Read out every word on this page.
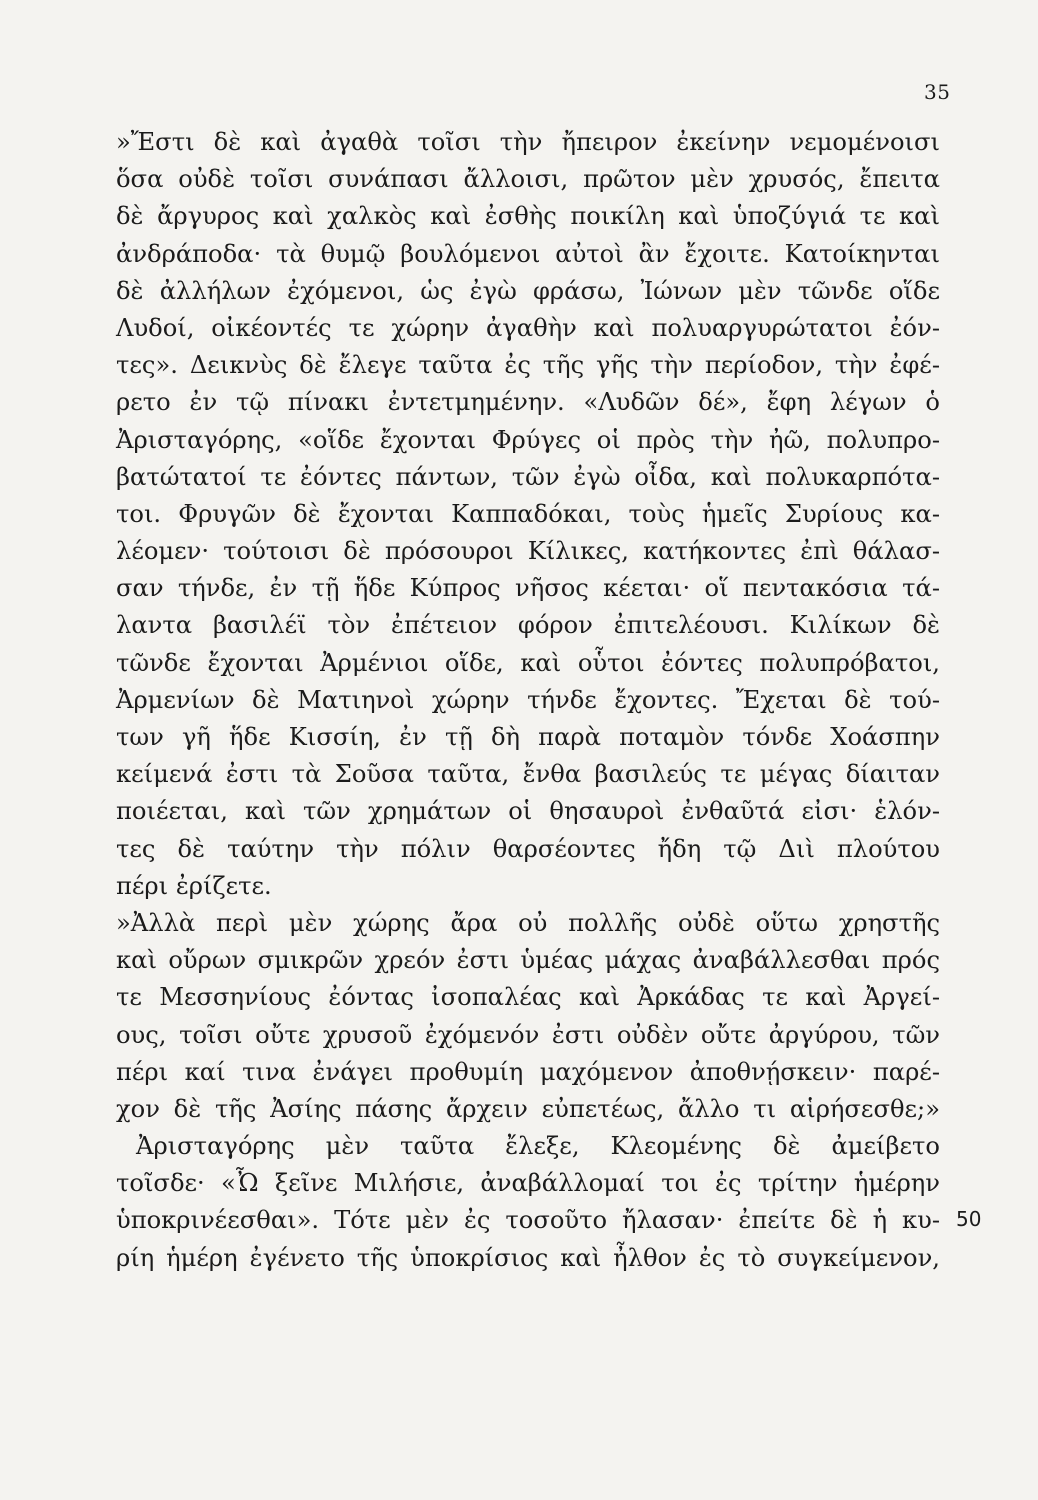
35
»Ἔστι δὲ καὶ ἀγαθὰ τοῖσι τὴν ἤπειρον ἐκείνην νεμομένοισι
ὅσα οὐδὲ τοῖσι συνάπασι ἄλλοισι, πρῶτον μὲν χρυσός, ἔπειτα
δὲ ἄργυρος καὶ χαλκὸς καὶ ἐσθὴς ποικίλη καὶ ὑποζύγιά τε καὶ
ἀνδράποδα· τὰ θυμῷ βουλόμενοι αὐτοὶ ἂν ἔχοιτε. Κατοίκηνται
δὲ ἀλλήλων ἐχόμενοι, ὡς ἐγὼ φράσω, Ἰώνων μὲν τῶνδε οἵδε
Λυδοί, οἰκέοντές τε χώρην ἀγαθὴν καὶ πολυαργυρώτατοι ἐόν-
τες». Δεικνὺς δὲ ἔλεγε ταῦτα ἐς τῆς γῆς τὴν περίοδον, τὴν ἐφέ-
ρετο ἐν τῷ πίνακι ἐντετμημένην. «Λυδῶν δέ», ἔφη λέγων ὁ
Ἀρισταγόρης, «οἵδε ἔχονται Φρύγες οἱ πρὸς τὴν ἠῶ, πολυπρο-
βατώτατοί τε ἐόντες πάντων, τῶν ἐγὼ οἶδα, καὶ πολυκαρπότα-
τοι. Φρυγῶν δὲ ἔχονται Καππαδόκαι, τοὺς ἡμεῖς Συρίους κα-
λέομεν· τούτοισι δὲ πρόσουροι Κίλικες, κατήκοντες ἐπὶ θάλασ-
σαν τήνδε, ἐν τῇ ἥδε Κύπρος νῆσος κέεται· οἵ πεντακόσια τά-
λαντα βασιλέϊ τὸν ἐπέτειον φόρον ἐπιτελέουσι. Κιλίκων δὲ
τῶνδε ἔχονται Ἀρμένιοι οἵδε, καὶ οὗτοι ἐόντες πολυπρόβατοι,
Ἀρμενίων δὲ Ματιηνοὶ χώρην τήνδε ἔχοντες. Ἔχεται δὲ τού-
των γῆ ἥδε Κισσίη, ἐν τῇ δὴ παρὰ ποταμὸν τόνδε Χοάσπην
κείμενά ἐστι τὰ Σοῦσα ταῦτα, ἔνθα βασιλεύς τε μέγας δίαιταν
ποιέεται, καὶ τῶν χρημάτων οἱ θησαυροὶ ἐνθαῦτά εἰσι· ἑλόν-
τες δὲ ταύτην τὴν πόλιν θαρσέοντες ἤδη τῷ Διὶ πλούτου
πέρι ἐρίζετε.
»Ἀλλὰ περὶ μὲν χώρης ἄρα οὐ πολλῆς οὐδὲ οὕτω χρηστῆς
καὶ οὔρων σμικρῶν χρεόν ἐστι ὑμέας μάχας ἀναβάλλεσθαι πρός
τε Μεσσηνίους ἐόντας ἰσοπαλέας καὶ Ἀρκάδας τε καὶ Ἀργεί-
ους, τοῖσι οὔτε χρυσοῦ ἐχόμενόν ἐστι οὐδὲν οὔτε ἀργύρου, τῶν
πέρι καί τινα ἐνάγει προθυμίη μαχόμενον ἀποθνῄσκειν· παρέ-
χον δὲ τῆς Ἀσίης πάσης ἄρχειν εὐπετέως, ἄλλο τι αἱρήσεσθε;»
Ἀρισταγόρης μὲν ταῦτα ἔλεξε, Κλεομένης δὲ ἀμείβετο
τοῖσδε· «Ὦ ξεῖνε Μιλήσιε, ἀναβάλλομαί τοι ἐς τρίτην ἡμέρην
ὑποκρινέεσθαι». Τότε μὲν ἐς τοσοῦτο ἤλασαν· ἐπείτε δὲ ἡ κυ-
ρίη ἡμέρη ἐγένετο τῆς ὑποκρίσιος καὶ ἦλθον ἐς τὸ συγκείμενον,
50
